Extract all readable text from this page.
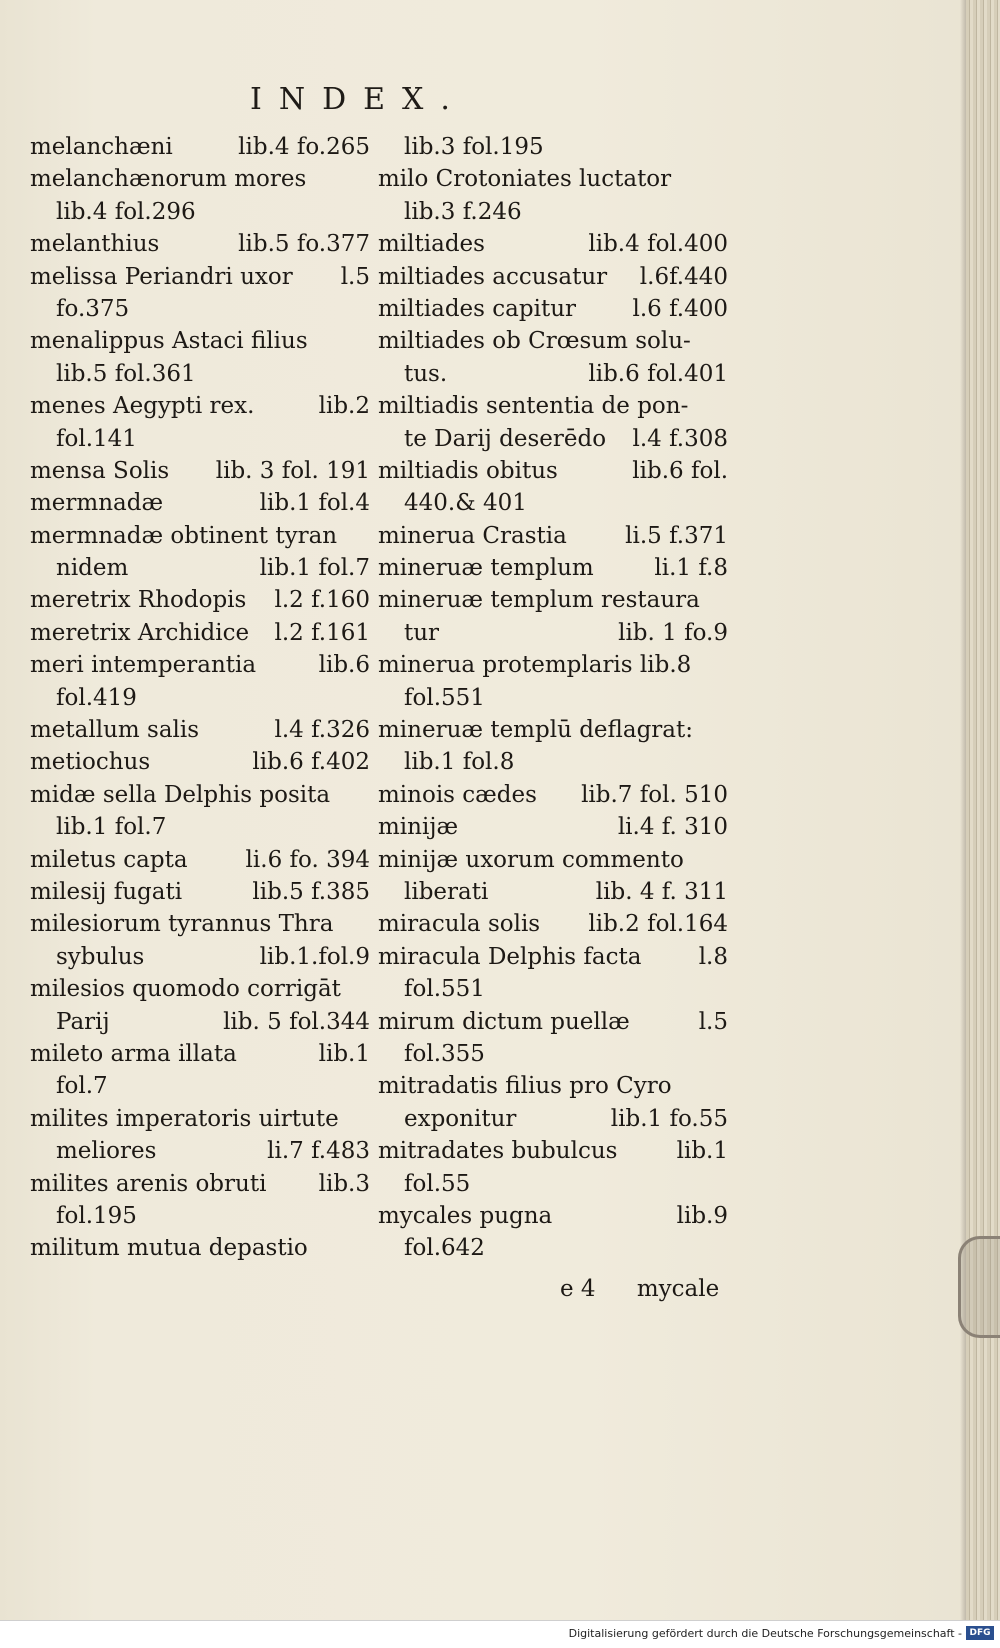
INDEX.
melanchæni	lib.4 fo.265
melanchænorum mores
lib.4 fol.296
melanthius	lib.5 fo.377
melissa Periandri uxor l.5
fo.375
menalippus Astaci filius
lib.5 fol.361
menes Aegypti rex.	lib.2
fol.141
mensa Solis lib. 3 fol. 191
mermnadæ	lib.1 fol.4
mermnadæ obtinent tyran
nidem	lib.1 fol.7
meretrix Rhodopis l.2 f.160
meretrix Archidice l.2 f.161
meri intemperantia	lib.6
fol.419
metallum salis	l.4 f.326
metiochus	lib.6 f.402
midæ sella Delphis posita
lib.1 fol.7
miletus capta	li.6 fo. 394
milesij fugati	lib.5 f.385
milesiorum tyrannus Thra
sybulus	lib.1.fol.9
milesios quomodo corrigāt
Parij	lib. 5 fol.344
mileto arma illata	lib.1
fol.7
milites imperatoris uirtute
meliores	li.7 f.483
milites arenis obruti lib.3
fol.195
militum mutua depastio
lib.3 fol.195
milo Crotoniates luctator
lib.3 f.246
miltiades	lib.4 fol.400
miltiades accusatur l.6f.440
miltiades capitur l.6 f.400
miltiades ob Crœsum solu-
tus.	lib.6 fol.401
miltiadis sententia de pon-
te Darij deserēdo l.4 f.308
miltiadis obitus	lib.6 fol.
440.& 401
minerua Crastia	li.5 f.371
mineruæ templum	li.1 f.8
mineruæ templum restaura
tur	lib. 1 fo.9
minerua protemplaris lib.8
fol.551
mineruæ templū deflagrat:
lib.1 fol.8
minois cædes lib.7 fol. 510
minijæ	li.4 f. 310
minijæ uxorum commento
liberati	lib. 4 f. 311
miracula solis lib.2 fol.164
miracula Delphis facta l.8
fol.551
mirum dictum puellæ	l.5
fol.355
mitradatis filius pro Cyro
exponitur	lib.1 fo.55
mitradates bubulcus	lib.1
fol.55
mycales pugna	lib.9
fol.642

e 4 mycale

Digitalisierung gefördert durch die Deutsche Forschungsgemeinschaft - DFG
